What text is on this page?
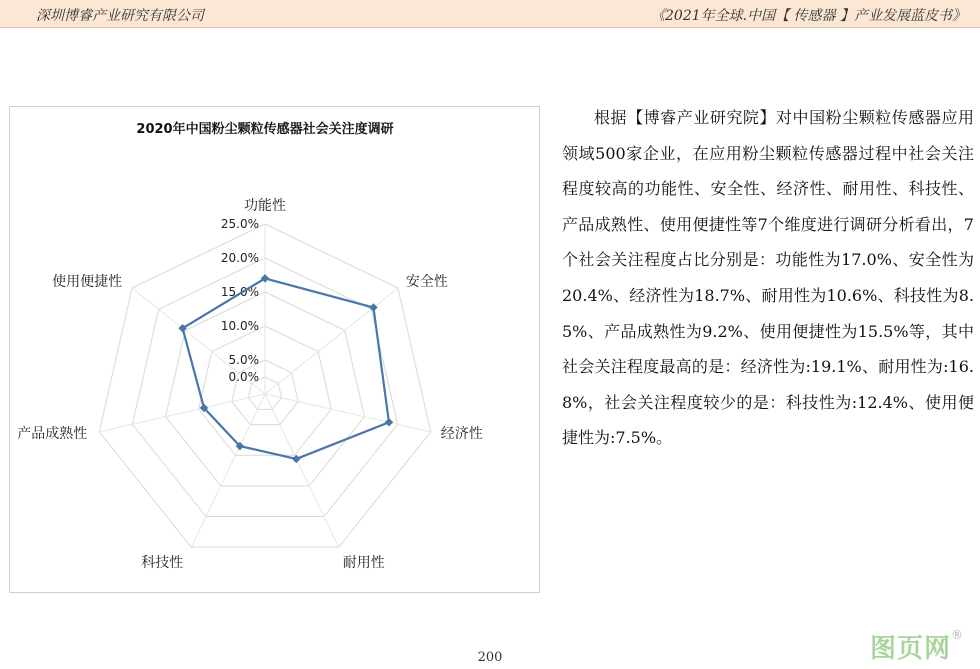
深圳博睿产业研究有限公司	《2021年全球.中国【 传感器 】产业发展蓝皮书》
2020年中国粉尘颗粒传感器社会关注度调研
0.0%
5.0%
10.0%
15.0%
20.0%
25.0%
功能性
安全性
经济性
耐用性
科技性
产品成熟性
使用便捷性
根据【博睿产业研究院】对中国粉尘颗粒传感器应用领域500家企业，在应用粉尘颗粒传感器过程中社会关注程度较高的功能性、安全性、经济性、耐用性、科技性、产品成熟性、使用便捷性等7个维度进行调研分析看出，7个社会关注程度占比分别是：功能性为17.0%、安全性为20.4%、经济性为18.7%、耐用性为10.6%、科技性为8.5%、产品成熟性为9.2%、使用便捷性为15.5%等，其中社会关注程度最高的是：经济性为:19.1%、耐用性为:16.8%，社会关注程度较少的是：科技性为:12.4%、使用便捷性为:7.5%。
200	图页网®
